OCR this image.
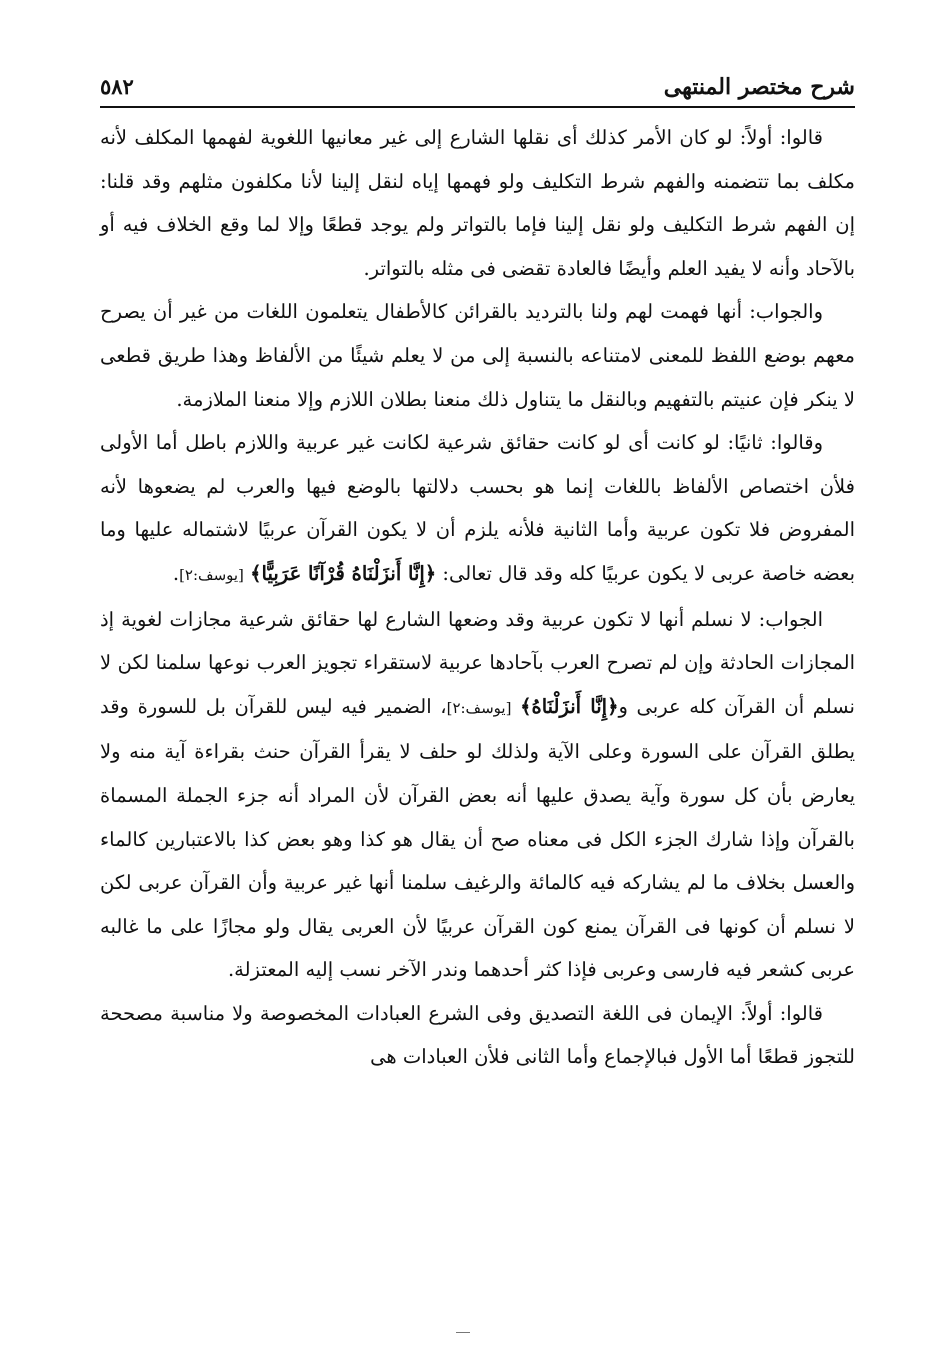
شرح مختصر المنتهى
٥٨٢

قالوا: أولاً: لو كان الأمر كذلك أى نقلها الشارع إلى غير معانيها اللغوية لفهمها المكلف لأنه مكلف بما تتضمنه والفهم شرط التكليف ولو فهمها إياه لنقل إلينا لأنا مكلفون مثلهم وقد قلنا: إن الفهم شرط التكليف ولو نقل إلينا فإما بالتواتر ولم يوجد قطعًا وإلا لما وقع الخلاف فيه أو بالآحاد وأنه لا يفيد العلم وأيضًا فالعادة تقضى فى مثله بالتواتر.

والجواب: أنها فهمت لهم ولنا بالترديد بالقرائن كالأطفال يتعلمون اللغات من غير أن يصرح معهم بوضع اللفظ للمعنى لامتناعه بالنسبة إلى من لا يعلم شيئًا من الألفاظ وهذا طريق قطعى لا ينكر فإن عنيتم بالتفهيم وبالنقل ما يتناول ذلك منعنا بطلان اللازم وإلا منعنا الملازمة.

وقالوا: ثانيًا: لو كانت أى لو كانت حقائق شرعية لكانت غير عربية واللازم باطل أما الأولى فلأن اختصاص الألفاظ باللغات إنما هو بحسب دلالتها بالوضع فيها والعرب لم يضعوها لأنه المفروض فلا تكون عربية وأما الثانية فلأنه يلزم أن لا يكون القرآن عربيًا لاشتماله عليها وما بعضه خاصة عربى لا يكون عربيًا كله وقد قال تعالى: ﴿إِنَّا أَنزَلْنَاهُ قُرْآنًا عَرَبِيًّا﴾ [يوسف:٢].

الجواب: لا نسلم أنها لا تكون عربية وقد وضعها الشارع لها حقائق شرعية مجازات لغوية إذ المجازات الحادثة وإن لم تصرح العرب بآحادها عربية لاستقراء تجويز العرب نوعها سلمنا لكن لا نسلم أن القرآن كله عربى و﴿إِنَّا أَنزَلْنَاهُ﴾ [يوسف:٢]، الضمير فيه ليس للقرآن بل للسورة وقد يطلق القرآن على السورة وعلى الآية ولذلك لو حلف لا يقرأ القرآن حنث بقراءة آية منه ولا يعارض بأن كل سورة وآية يصدق عليها أنه بعض القرآن لأن المراد أنه جزء الجملة المسماة بالقرآن وإذا شارك الجزء الكل فى معناه صح أن يقال هو كذا وهو بعض كذا بالاعتبارين كالماء والعسل بخلاف ما لم يشاركه فيه كالمائة والرغيف سلمنا أنها غير عربية وأن القرآن عربى لكن لا نسلم أن كونها فى القرآن يمنع كون القرآن عربيًا لأن العربى يقال ولو مجازًا على ما غالبه عربى كشعر فيه فارسى وعربى فإذا كثر أحدهما وندر الآخر نسب إليه المعتزلة.

قالوا: أولاً: الإيمان فى اللغة التصديق وفى الشرع العبادات المخصوصة ولا مناسبة مصححة للتجوز قطعًا أما الأول فبالإجماع وأما الثانى فلأن العبادات هى
